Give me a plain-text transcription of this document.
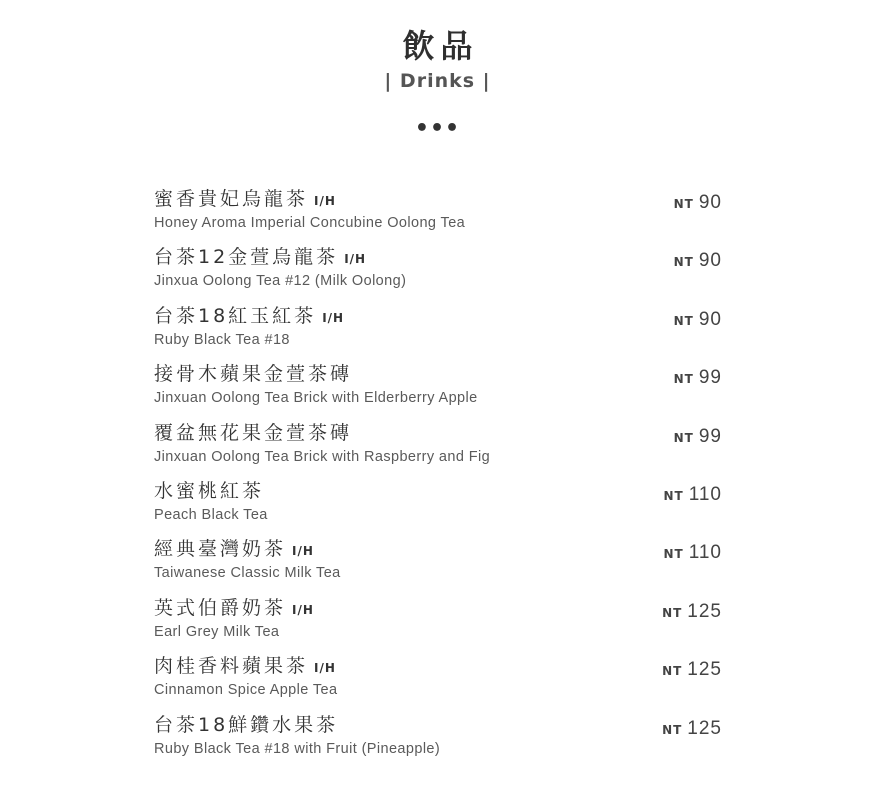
飲品
| Drinks |
•••
蜜香貴妃烏龍茶 I/H
Honey Aroma Imperial Concubine Oolong Tea
NT 90
台茶12金萱烏龍茶 I/H
Jinxua Oolong Tea #12 (Milk Oolong)
NT 90
台茶18紅玉紅茶 I/H
Ruby Black Tea #18
NT 90
接骨木蘋果金萱茶磚
Jinxuan Oolong Tea Brick with Elderberry Apple
NT 99
覆盆無花果金萱茶磚
Jinxuan Oolong Tea Brick with Raspberry and Fig
NT 99
水蜜桃紅茶
Peach Black Tea
NT 110
經典臺灣奶茶 I/H
Taiwanese Classic Milk Tea
NT 110
英式伯爵奶茶 I/H
Earl Grey Milk Tea
NT 125
肉桂香料蘋果茶 I/H
Cinnamon Spice Apple Tea
NT 125
台茶18鮮鑽水果茶
Ruby Black Tea #18 with Fruit (Pineapple)
NT 125
